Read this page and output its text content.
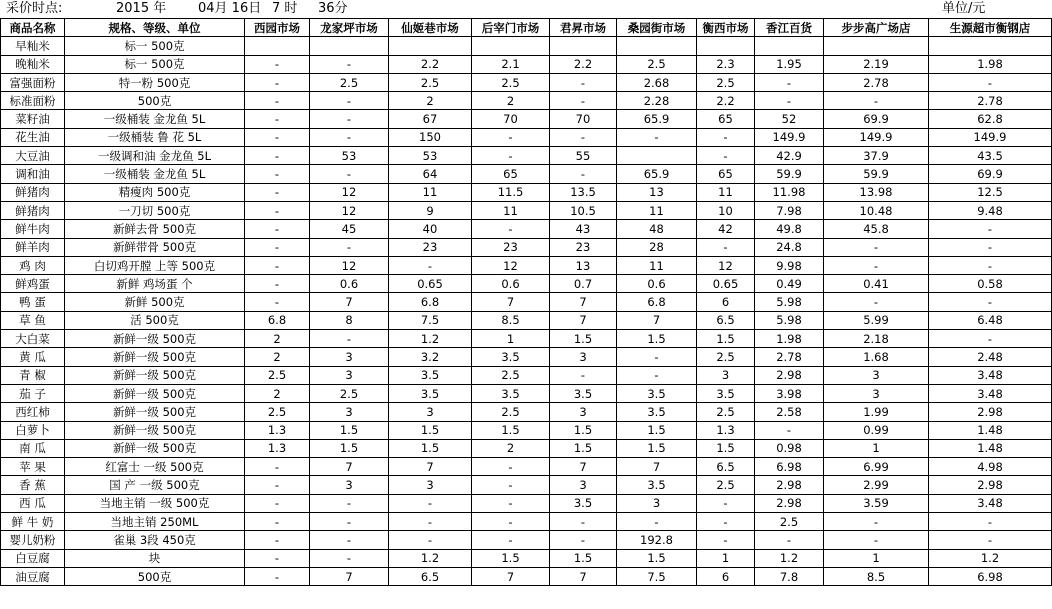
采价时点:	2015 年 04月 16日 7 时 36分	单位/元
商品名称	规格、等级、单位	西园市场	龙家坪市场	仙姬巷市场	后宰门市场	君昇市场	桑园街市场	衡西市场	香江百货	步步高广场店	生源超市衡钢店
早籼米	标一 500克										
晚籼米	标一 500克	-	-	2.2	2.1	2.2	2.5	2.3	1.95	2.19	1.98
富强面粉	特一粉 500克	-	2.5	2.5	2.5	-	2.68	2.5	-	2.78	-
标准面粉	500克	-	-	2	2	-	2.28	2.2	-	-	2.78
菜籽油	一级桶装 金龙鱼 5L	-	-	67	70	70	65.9	65	52	69.9	62.8
花生油	一级桶装 鲁 花 5L	-	-	150	-	-	-	-	149.9	149.9	149.9
大豆油	一级调和油 金龙鱼 5L	-	53	53	-	55		-	42.9	37.9	43.5
调和油	一级桶装 金龙鱼 5L	-	-	64	65	-	65.9	65	59.9	59.9	69.9
鲜猪肉	精瘦肉 500克	-	12	11	11.5	13.5	13	11	11.98	13.98	12.5
鲜猪肉	一刀切 500克	-	12	9	11	10.5	11	10	7.98	10.48	9.48
鲜牛肉	新鲜去骨 500克	-	45	40	-	43	48	42	49.8	45.8	-
鲜羊肉	新鲜带骨 500克	-	-	23	23	23	28	-	24.8	-	-
鸡 肉	白切鸡开膛 上等 500克	-	12	-	12	13	11	12	9.98	-	-
鲜鸡蛋	新鲜 鸡场蛋 个	-	0.6	0.65	0.6	0.7	0.6	0.65	0.49	0.41	0.58
鸭 蛋	新鲜 500克	-	7	6.8	7	7	6.8	6	5.98	-	-
草 鱼	活 500克	6.8	8	7.5	8.5	7	7	6.5	5.98	5.99	6.48
大白菜	新鲜一级 500克	2	-	1.2	1	1.5	1.5	1.5	1.98	2.18	-
黄 瓜	新鲜一级 500克	2	3	3.2	3.5	3	-	2.5	2.78	1.68	2.48
青 椒	新鲜一级 500克	2.5	3	3.5	2.5	-	-	3	2.98	3	3.48
茄 子	新鲜一级 500克	2	2.5	3.5	3.5	3.5	3.5	3.5	3.98	3	3.48
西红柿	新鲜一级 500克	2.5	3	3	2.5	3	3.5	2.5	2.58	1.99	2.98
白萝卜	新鲜一级 500克	1.3	1.5	1.5	1.5	1.5	1.5	1.3	-	0.99	1.48
南 瓜	新鲜一级 500克	1.3	1.5	1.5	2	1.5	1.5	1.5	0.98	1	1.48
苹 果	红富士 一级 500克	-	7	7	-	7	7	6.5	6.98	6.99	4.98
香 蕉	国 产 一级 500克	-	3	3	-	3	3.5	2.5	2.98	2.99	2.98
西 瓜	当地主销 一级 500克	-	-	-	-	3.5	3	-	2.98	3.59	3.48
鲜 牛 奶	当地主销 250ML	-	-	-	-	-	-	-	2.5	-	-
婴儿奶粉	雀巢 3段 450克	-	-	-	-	-	192.8	-	-	-	-
白豆腐	块	-	-	1.2	1.5	1.5	1.5	1	1.2	1	1.2
油豆腐	500克	-	7	6.5	7	7	7.5	6	7.8	8.5	6.98
